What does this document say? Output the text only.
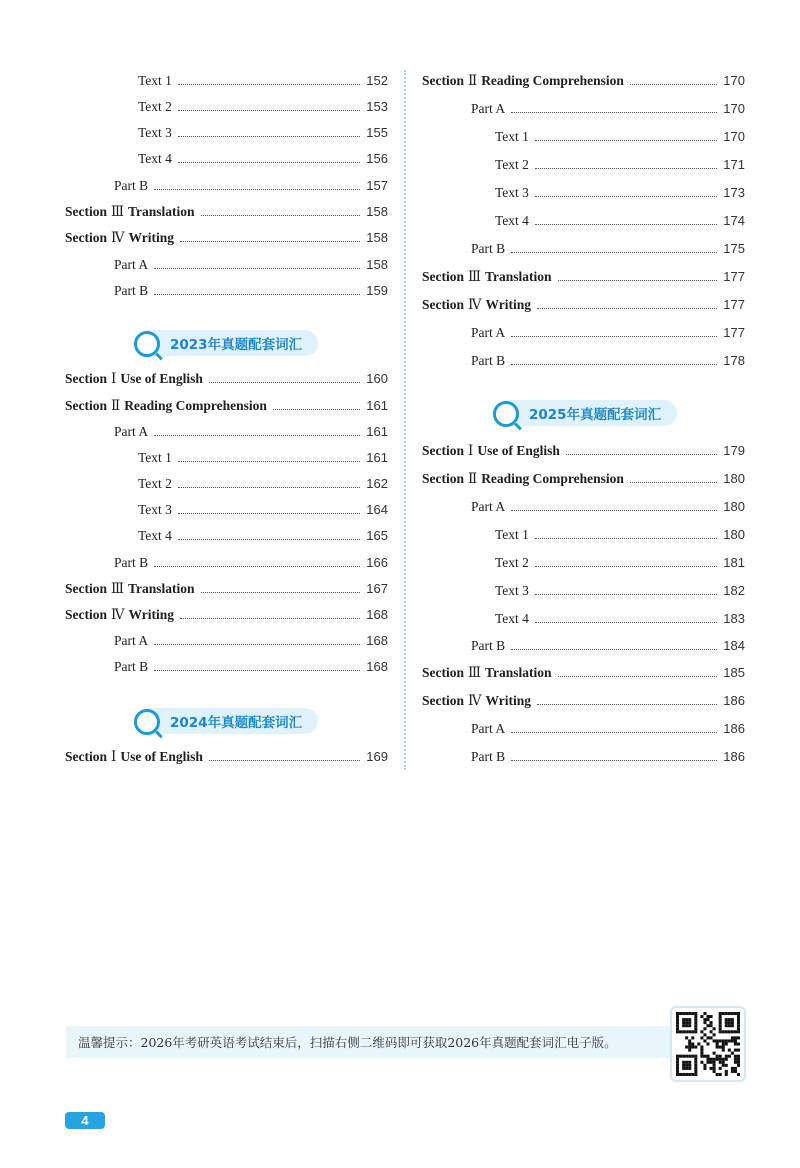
Text 1	152
Text 2	153
Text 3	155
Text 4	156
Part B	157
Section Ⅲ Translation	158
Section Ⅳ Writing	158
Part A	158
Part B	159
2023年真题配套词汇
Section Ⅰ Use of English	160
Section Ⅱ Reading Comprehension	161
Part A	161
Text 1	161
Text 2	162
Text 3	164
Text 4	165
Part B	166
Section Ⅲ Translation	167
Section Ⅳ Writing	168
Part A	168
Part B	168
2024年真题配套词汇
Section Ⅰ Use of English	169
Section Ⅱ Reading Comprehension	170
Part A	170
Text 1	170
Text 2	171
Text 3	173
Text 4	174
Part B	175
Section Ⅲ Translation	177
Section Ⅳ Writing	177
Part A	177
Part B	178
2025年真题配套词汇
Section Ⅰ Use of English	179
Section Ⅱ Reading Comprehension	180
Part A	180
Text 1	180
Text 2	181
Text 3	182
Text 4	183
Part B	184
Section Ⅲ Translation	185
Section Ⅳ Writing	186
Part A	186
Part B	186
温馨提示：2026年考研英语考试结束后，扫描右侧二维码即可获取2026年真题配套词汇电子版。
4
